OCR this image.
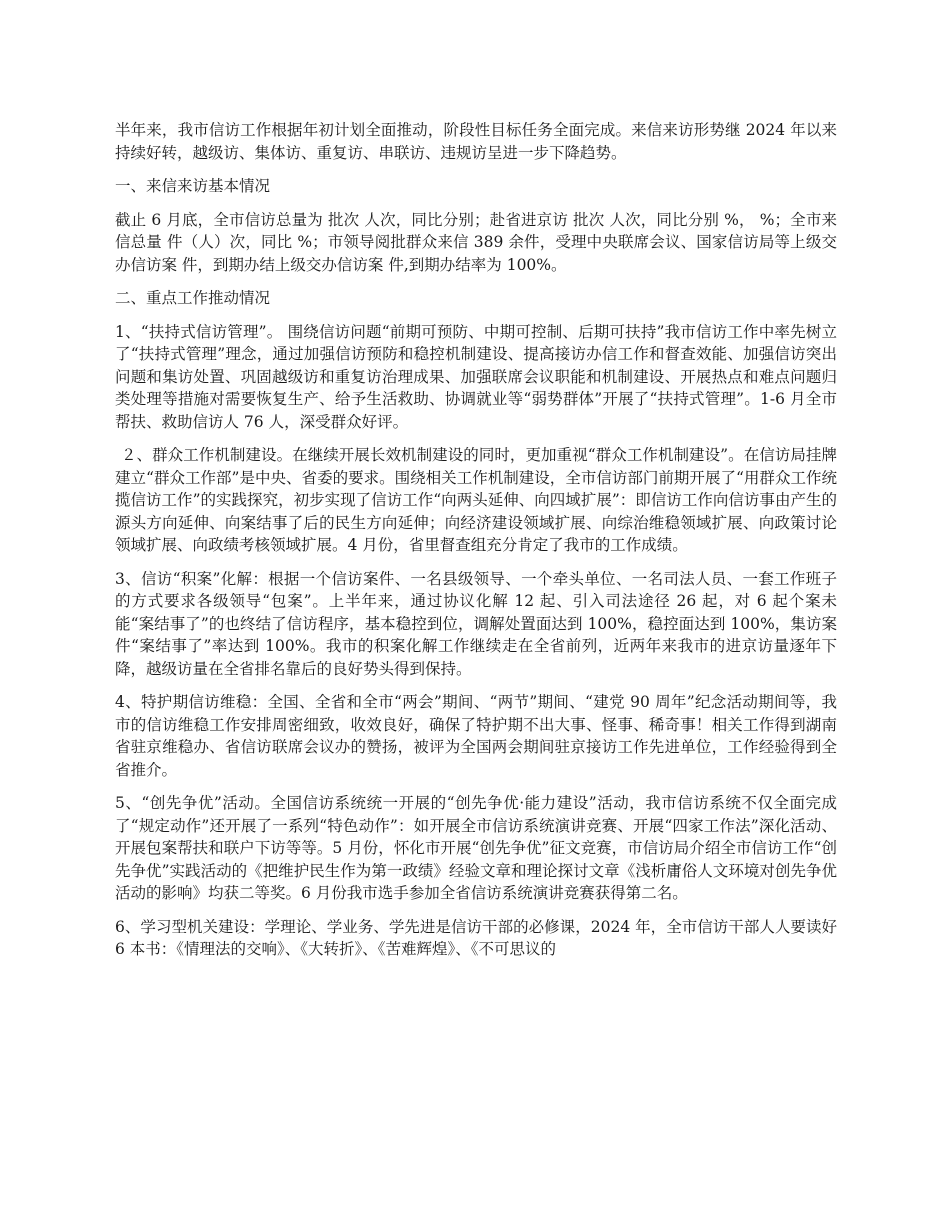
半年来，我市信访工作根据年初计划全面推动，阶段性目标任务全面完成。来信来访形势继 2024 年以来持续好转，越级访、集体访、重复访、串联访、违规访呈进一步下降趋势。

一、来信来访基本情况

截止 6 月底，全市信访总量为 批次 人次，同比分别；赴省进京访 批次 人次，同比分别 %， %；全市来信总量 件（人）次，同比 %；市领导阅批群众来信 389 余件，受理中央联席会议、国家信访局等上级交办信访案 件，到期办结上级交办信访案 件,到期办结率为 100%。

二、重点工作推动情况

1、“扶持式信访管理”。 围绕信访问题“前期可预防、中期可控制、后期可扶持”我市信访工作中率先树立了“扶持式管理”理念，通过加强信访预防和稳控机制建设、提高接访办信工作和督查效能、加强信访突出问题和集访处置、巩固越级访和重复访治理成果、加强联席会议职能和机制建设、开展热点和难点问题归类处理等措施对需要恢复生产、给予生活救助、协调就业等“弱势群体”开展了“扶持式管理”。1-6 月全市帮扶、救助信访人 76 人，深受群众好评。

２、群众工作机制建设。在继续开展长效机制建设的同时，更加重视“群众工作机制建设”。在信访局挂牌建立“群众工作部”是中央、省委的要求。围绕相关工作机制建设，全市信访部门前期开展了“用群众工作统揽信访工作”的实践探究，初步实现了信访工作“向两头延伸、向四域扩展”：即信访工作向信访事由产生的源头方向延伸、向案结事了后的民生方向延伸；向经济建设领域扩展、向综治维稳领域扩展、向政策讨论领域扩展、向政绩考核领域扩展。4 月份，省里督查组充分肯定了我市的工作成绩。

3、信访“积案”化解：根据一个信访案件、一名县级领导、一个牵头单位、一名司法人员、一套工作班子的方式要求各级领导“包案”。上半年来，通过协议化解 12 起、引入司法途径 26 起，对 6 起个案未能“案结事了”的也终结了信访程序，基本稳控到位，调解处置面达到 100%，稳控面达到 100%，集访案件“案结事了”率达到 100%。我市的积案化解工作继续走在全省前列，近两年来我市的进京访量逐年下降，越级访量在全省排名靠后的良好势头得到保持。

4、特护期信访维稳：全国、全省和全市“两会”期间、“两节”期间、“建党 90 周年”纪念活动期间等，我市的信访维稳工作安排周密细致，收效良好，确保了特护期不出大事、怪事、稀奇事！相关工作得到湖南省驻京维稳办、省信访联席会议办的赞扬，被评为全国两会期间驻京接访工作先进单位，工作经验得到全省推介。

5、“创先争优”活动。全国信访系统统一开展的“创先争优·能力建设”活动，我市信访系统不仅全面完成了“规定动作”还开展了一系列“特色动作”：如开展全市信访系统演讲竞赛、开展“四家工作法”深化活动、开展包案帮扶和联户下访等等。5 月份，怀化市开展“创先争优”征文竞赛，市信访局介绍全市信访工作“创先争优”实践活动的《把维护民生作为第一政绩》经验文章和理论探讨文章《浅析庸俗人文环境对创先争优活动的影响》均获二等奖。6 月份我市选手参加全省信访系统演讲竞赛获得第二名。

6、学习型机关建设：学理论、学业务、学先进是信访干部的必修课，2024 年，全市信访干部人人要读好 6 本书：《情理法的交响》、《大转折》、《苦难辉煌》、《不可思议的
